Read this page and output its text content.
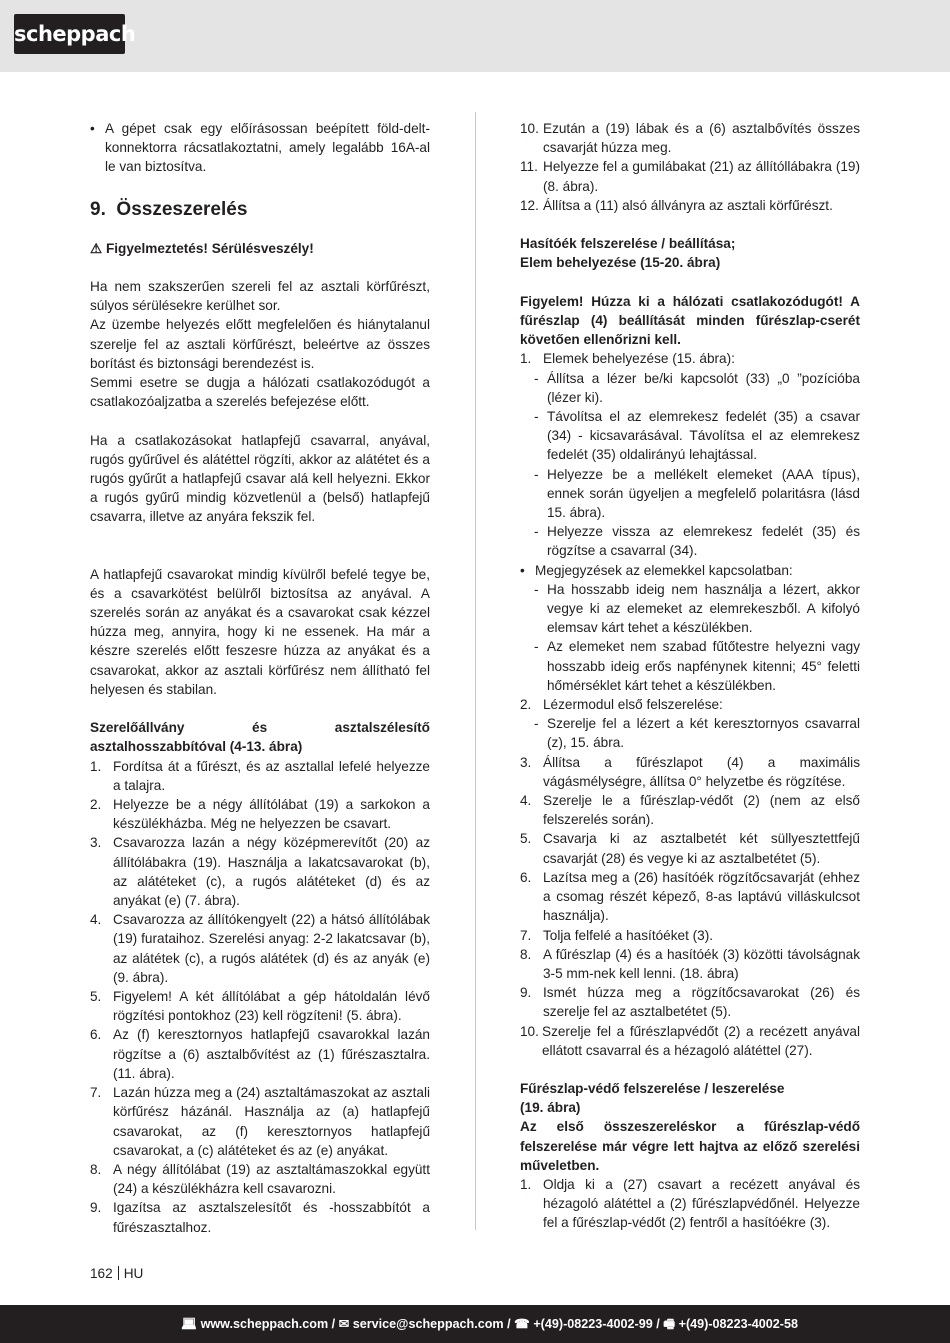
scheppach
• A gépet csak egy előírásossan beépített föld-delt-konnektorra rácsatlakoztatni, amely legalább 16A-al le van biztosítva.
9. Összeszerelés

⚠ Figyelmeztetés! Sérülésveszély!

Ha nem szakszerűen szereli fel az asztali körfűrészt, súlyos sérülésekre kerülhet sor.

Az üzembe helyezés előtt megfelelően és hiánytalanul szerelje fel az asztali körfűrészt, beleértve az összes borítást és biztonsági berendezést is.

Semmi esetre se dugja a hálózati csatlakozódugót a csatlakozóaljzatba a szerelés befejezése előtt.

Ha a csatlakozásokat hatlapfejű csavarral, anyával, rugós gyűrűvel és alátéttel rögzíti, akkor az alátétet és a rugós gyűrűt a hatlapfejű csavar alá kell helyezni. Ekkor a rugós gyűrű mindig közvetlenül a (belső) hatlapfejű csavarra, illetve az anyára fekszik fel.

A hatlapfejű csavarokat mindig kívülről befelé tegye be, és a csavarkötést belülről biztosítsa az anyával. A szerelés során az anyákat és a csavarokat csak kézzel húzza meg, annyira, hogy ki ne essenek. Ha már a készre szerelés előtt feszesre húzza az anyákat és a csavarokat, akkor az asztali körfűrész nem állítható fel helyesen és stabilan.

Szerelőállvány és asztalszélesítő asztalhosszabbítóval (4-13. ábra)

1. Fordítsa át a fűrészt, és az asztallal lefelé helyezze a talajra.
2. Helyezze be a négy állítólábat (19) a sarkokon a készülékházba. Még ne helyezzen be csavart.
3. Csavarozza lazán a négy középmerevítőt (20) az állítólábakra (19). Használja a lakatcsavarokat (b), az alátéteket (c), a rugós alátéteket (d) és az anyákat (e) (7. ábra).
4. Csavarozza az állítókengyelt (22) a hátsó állítólábak (19) furataihoz. Szerelési anyag: 2-2 lakatcsavar (b), az alátétek (c), a rugós alátétek (d) és az anyák (e) (9. ábra).
5. Figyelem! A két állítólábat a gép hátoldalán lévő rögzítési pontokhoz (23) kell rögzíteni! (5. ábra).
6. Az (f) keresztornyos hatlapfejű csavarokkal lazán rögzítse a (6) asztalbővítést az (1) fűrészasztalra. (11. ábra).
7. Lazán húzza meg a (24) asztaltámaszokat az asztali körfűrész házánál. Használja az (a) hatlapfejű csavarokat, az (f) keresztornyos hatlapfejű csavarokat, a (c) alátéteket és az (e) anyákat.
8. A négy állítólábat (19) az asztaltámaszokkal együtt (24) a készülékházra kell csavarozni.
9. Igazítsa az asztalszelesítőt és -hosszabbítót a fűrészasztalhoz.
10. Ezután a (19) lábak és a (6) asztalbővítés összes csavarját húzza meg.
11. Helyezze fel a gumilábakat (21) az állítóllábakra (19) (8. ábra).
12. Állítsa a (11) alsó állványra az asztali körfűrészt.

Hasítóék felszerelése / beállítása;

Elem behelyezése (15-20. ábra)

Figyelem! Húzza ki a hálózati csatlakozódugót! A fűrészlap (4) beállítását minden fűrészlap-cserét követően ellenőrizni kell.

1. Elemek behelyezése (15. ábra):
- Állítsa a lézer be/ki kapcsolót (33) „0 ”pozícióba (lézer ki).
- Távolítsa el az elemrekesz fedelét (35) a csavar (34) - kicsavarásával. Távolítsa el az elemrekesz fedelét (35) oldalirányú lehajtással.
- Helyezze be a mellékelt elemeket (AAA típus), ennek során ügyeljen a megfelelő polaritásra (lásd 15. ábra).
- Helyezze vissza az elemrekesz fedelét (35) és rögzítse a csavarral (34).
• Megjegyzések az elemekkel kapcsolatban:
- Ha hosszabb ideig nem használja a lézert, akkor vegye ki az elemeket az elemrekeszből. A kifolyó elemsav kárt tehet a készülékben.
- Az elemeket nem szabad fűtőtestre helyezni vagy hosszabb ideig erős napfénynek kitenni; 45° feletti hőmérséklet kárt tehet a készülékben.
2. Lézermodul első felszerelése:
- Szerelje fel a lézert a két keresztornyos csavarral (z), 15. ábra.
3. Állítsa a fűrészlapot (4) a maximális vágásmélységre, állítsa 0° helyzetbe és rögzítése.
4. Szerelje le a fűrészlap-védőt (2) (nem az első felszerelés során).
5. Csavarja ki az asztalbetét két süllyesztettfejű csavarját (28) és vegye ki az asztalbetétet (5).
6. Lazítsa meg a (26) hasítóék rögzítőcsavarját (ehhez a csomag részét képező, 8-as laptávú villáskulcsot használja).
7. Tolja felfelé a hasítóéket (3).
8. A fűrészlap (4) és a hasítóék (3) közötti távolságnak 3-5 mm-nek kell lenni. (18. ábra)
9. Ismét húzza meg a rögzítőcsavarokat (26) és szerelje fel az asztalbetétet (5).
10. Szerelje fel a fűrészlapvédőt (2) a recézett anyával ellátott csavarral és a hézagoló alátéttel (27).

Fűrészlap-védő felszerelése / leszerelése

(19. ábra)

Az első összeszereléskor a fűrészlap-védő felszerelése már végre lett hajtva az előző szerelési műveletben.

1. Oldja ki a (27) csavart a recézett anyával és hézagoló alátéttel a (2) fűrészlapvédőnél. Helyezze fel a fűrészlap-védőt (2) fentről a hasítóékre (3).
162 HU
💻︎ www.scheppach.com / ✉︎ service@scheppach.com / ☎︎ +(49)-08223-4002-99 / 🖷︎ +(49)-08223-4002-58
